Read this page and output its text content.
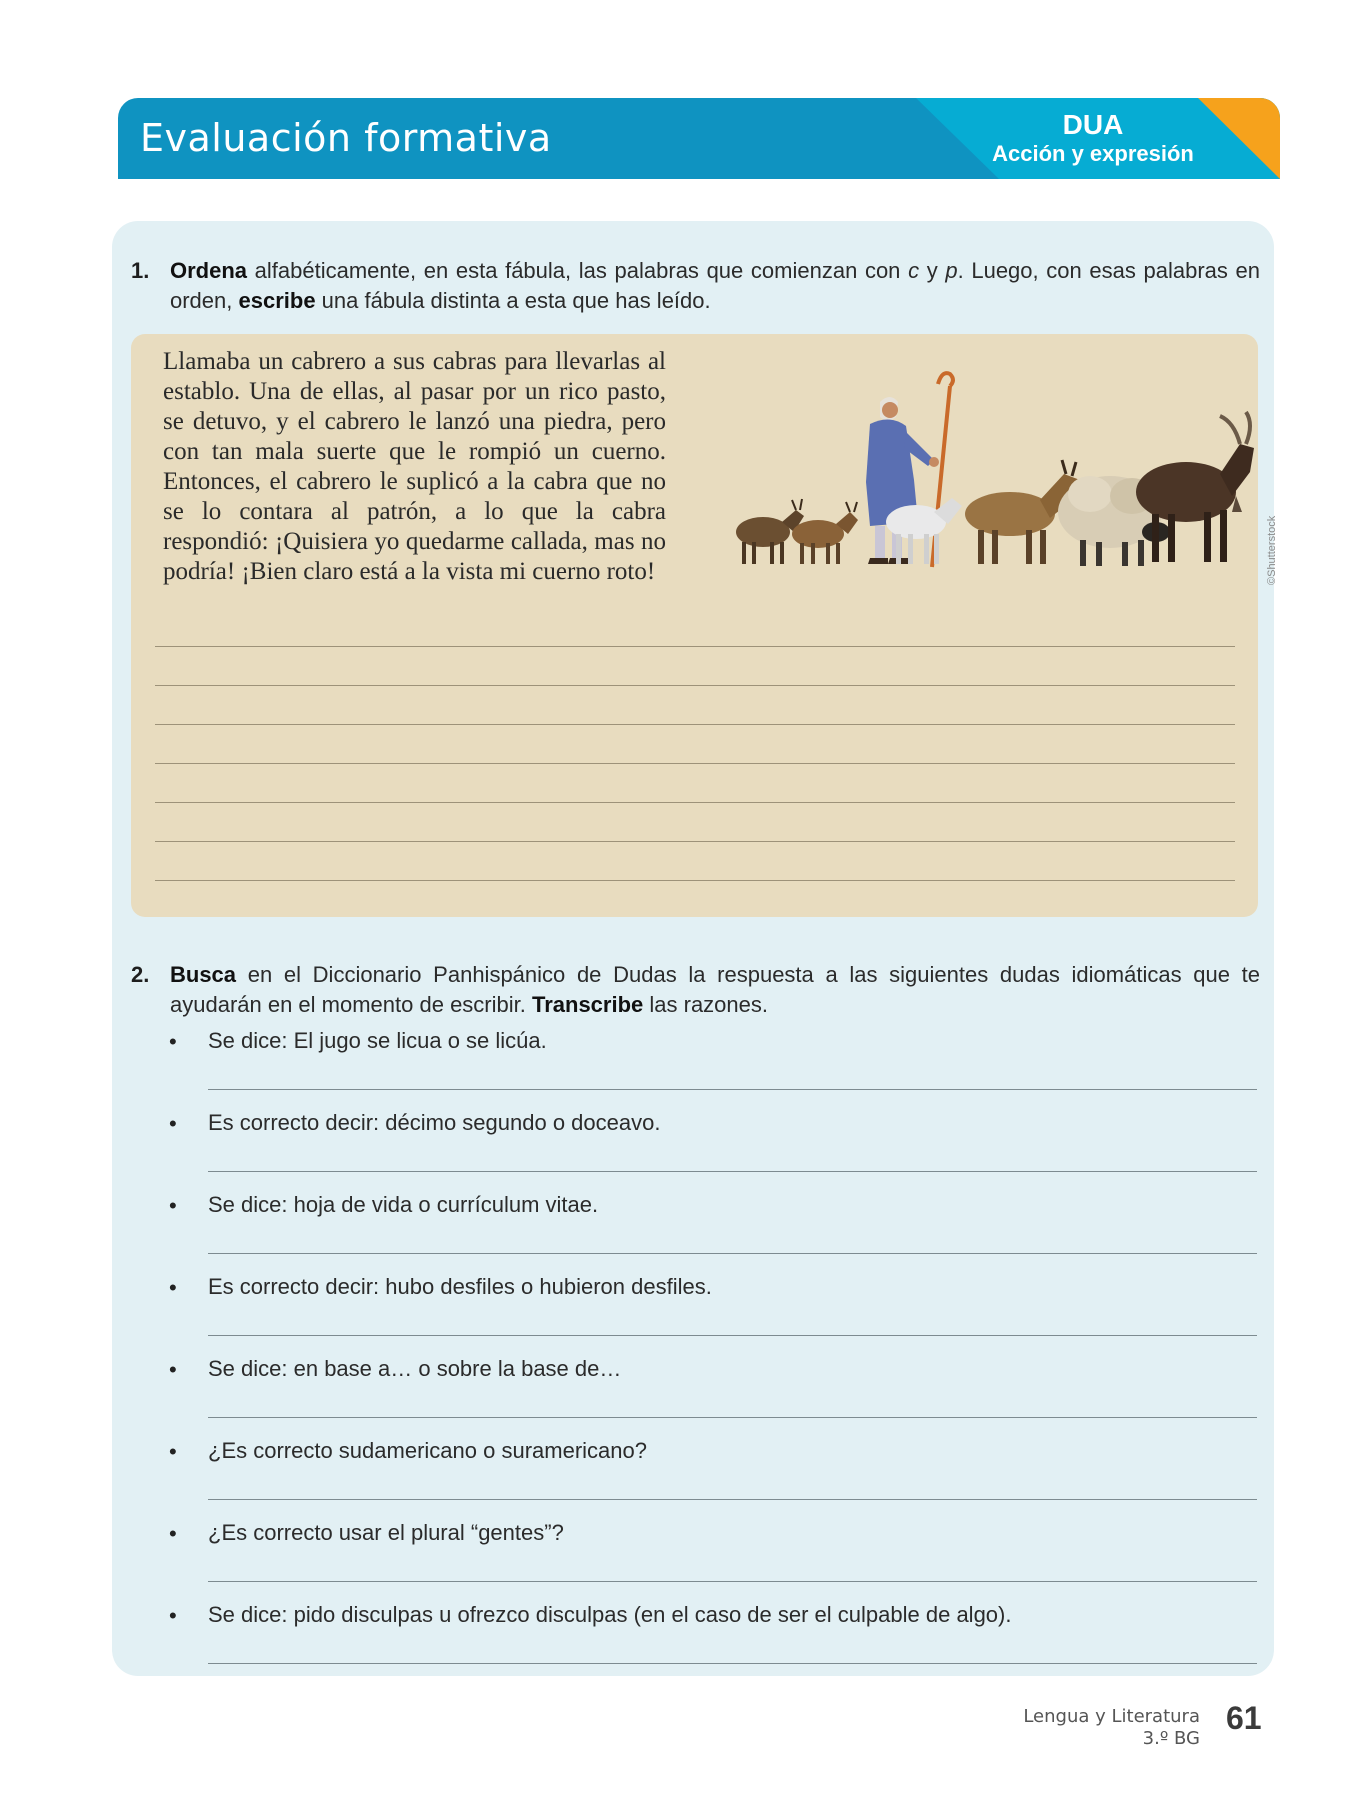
Evaluación formativa	DUA
Acción y expresión
1. Ordena alfabéticamente, en esta fábula, las palabras que comienzan con c y p. Luego, con esas palabras en orden, escribe una fábula distinta a esta que has leído.
Llamaba un cabrero a sus cabras para llevarlas al establo. Una de ellas, al pasar por un rico pasto, se detuvo, y el cabrero le lanzó una piedra, pero con tan mala suerte que le rompió un cuerno. Entonces, el cabrero le suplicó a la cabra que no se lo contara al patrón, a lo que la cabra respondió: ¡Quisiera yo quedarme callada, mas no podría! ¡Bien claro está a la vista mi cuerno roto!	©Shutterstock
2. Busca en el Diccionario Panhispánico de Dudas la respuesta a las siguientes dudas idiomáticas que te ayudarán en el momento de escribir. Transcribe las razones.
• Se dice: El jugo se licua o se licúa.
• Es correcto decir: décimo segundo o doceavo.
• Se dice: hoja de vida o currículum vitae.
• Es correcto decir: hubo desfiles o hubieron desfiles.
• Se dice: en base a… o sobre la base de…
• ¿Es correcto sudamericano o suramericano?
• ¿Es correcto usar el plural “gentes”?
• Se dice: pido disculpas u ofrezco disculpas (en el caso de ser el culpable de algo).
Lengua y Literatura
3.º BG
61
